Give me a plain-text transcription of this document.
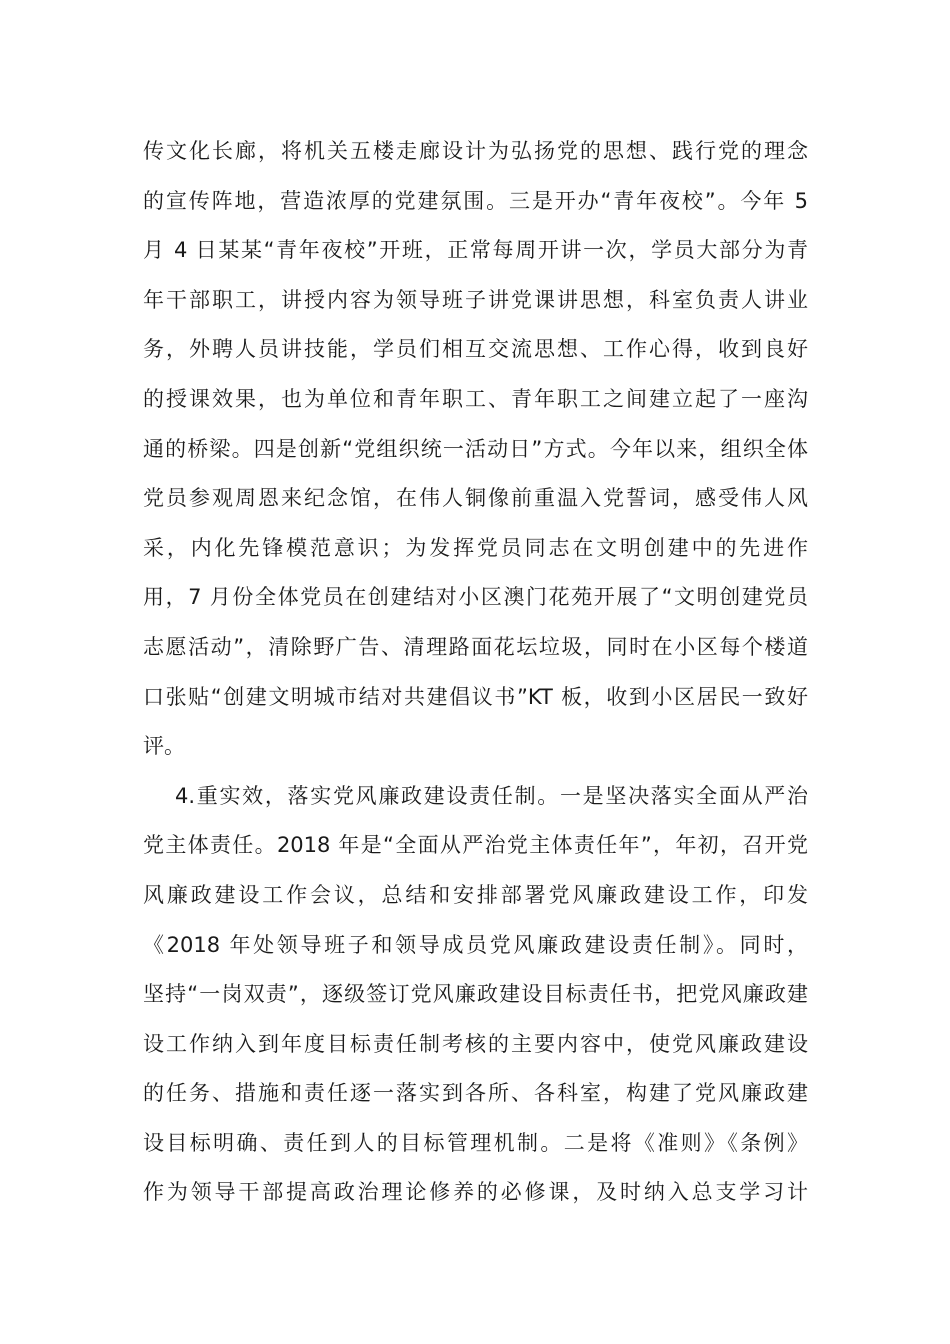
传文化长廊，将机关五楼走廊设计为弘扬党的思想、践行党的理念
的宣传阵地，营造浓厚的党建氛围。三是开办“青年夜校”。今年 5
月 4 日某某“青年夜校”开班，正常每周开讲一次，学员大部分为青
年干部职工，讲授内容为领导班子讲党课讲思想，科室负责人讲业
务，外聘人员讲技能，学员们相互交流思想、工作心得，收到良好
的授课效果，也为单位和青年职工、青年职工之间建立起了一座沟
通的桥梁。四是创新“党组织统一活动日”方式。今年以来，组织全体
党员参观周恩来纪念馆，在伟人铜像前重温入党誓词，感受伟人风
采，内化先锋模范意识；为发挥党员同志在文明创建中的先进作
用，7 月份全体党员在创建结对小区澳门花苑开展了“文明创建党员
志愿活动”，清除野广告、清理路面花坛垃圾，同时在小区每个楼道
口张贴“创建文明城市结对共建倡议书”KT 板，收到小区居民一致好
评。
4.重实效，落实党风廉政建设责任制。一是坚决落实全面从严治
党主体责任。2018 年是“全面从严治党主体责任年”，年初，召开党
风廉政建设工作会议，总结和安排部署党风廉政建设工作，印发
《2018 年处领导班子和领导成员党风廉政建设责任制》。同时，
坚持“一岗双责”，逐级签订党风廉政建设目标责任书，把党风廉政建
设工作纳入到年度目标责任制考核的主要内容中，使党风廉政建设
的任务、措施和责任逐一落实到各所、各科室，构建了党风廉政建
设目标明确、责任到人的目标管理机制。二是将《准则》《条例》
作为领导干部提高政治理论修养的必修课，及时纳入总支学习计
